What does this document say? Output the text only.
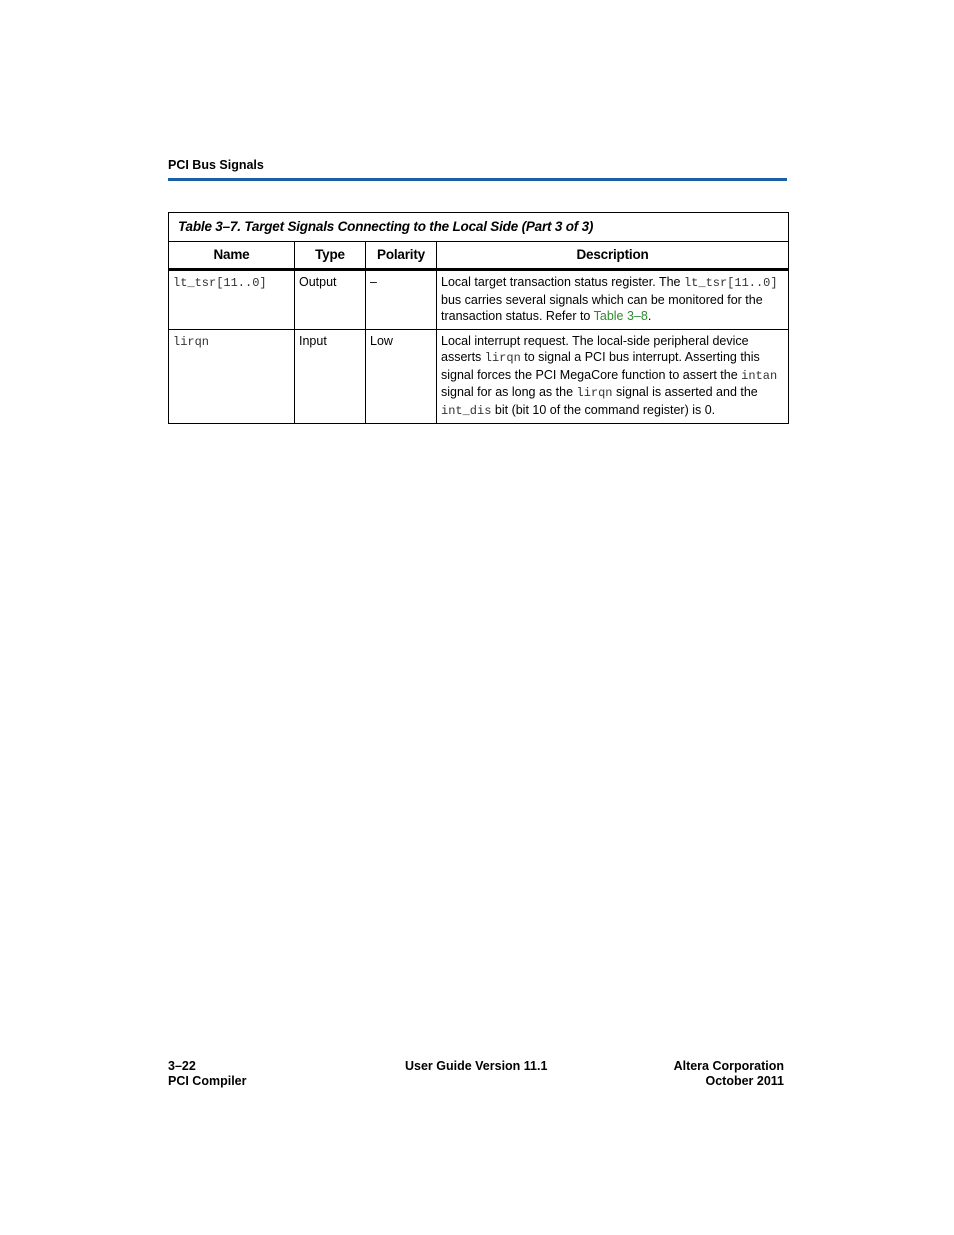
PCI Bus Signals
Table 3–7. Target Signals Connecting to the Local Side (Part 3 of 3)			
Name	Type	Polarity	Description
lt_tsr[11..0]	Output	–	Local target transaction status register. The lt_tsr[11..0] bus carries several signals which can be monitored for the transaction status. Refer to Table 3–8.
lirqn	Input	Low	Local interrupt request. The local-side peripheral device asserts lirqn to signal a PCI bus interrupt. Asserting this signal forces the PCI MegaCore function to assert the intan signal for as long as the lirqn signal is asserted and the int_dis bit (bit 10 of the command register) is 0.
3–22
PCI Compiler
User Guide Version 11.1	Altera Corporation
October 2011
